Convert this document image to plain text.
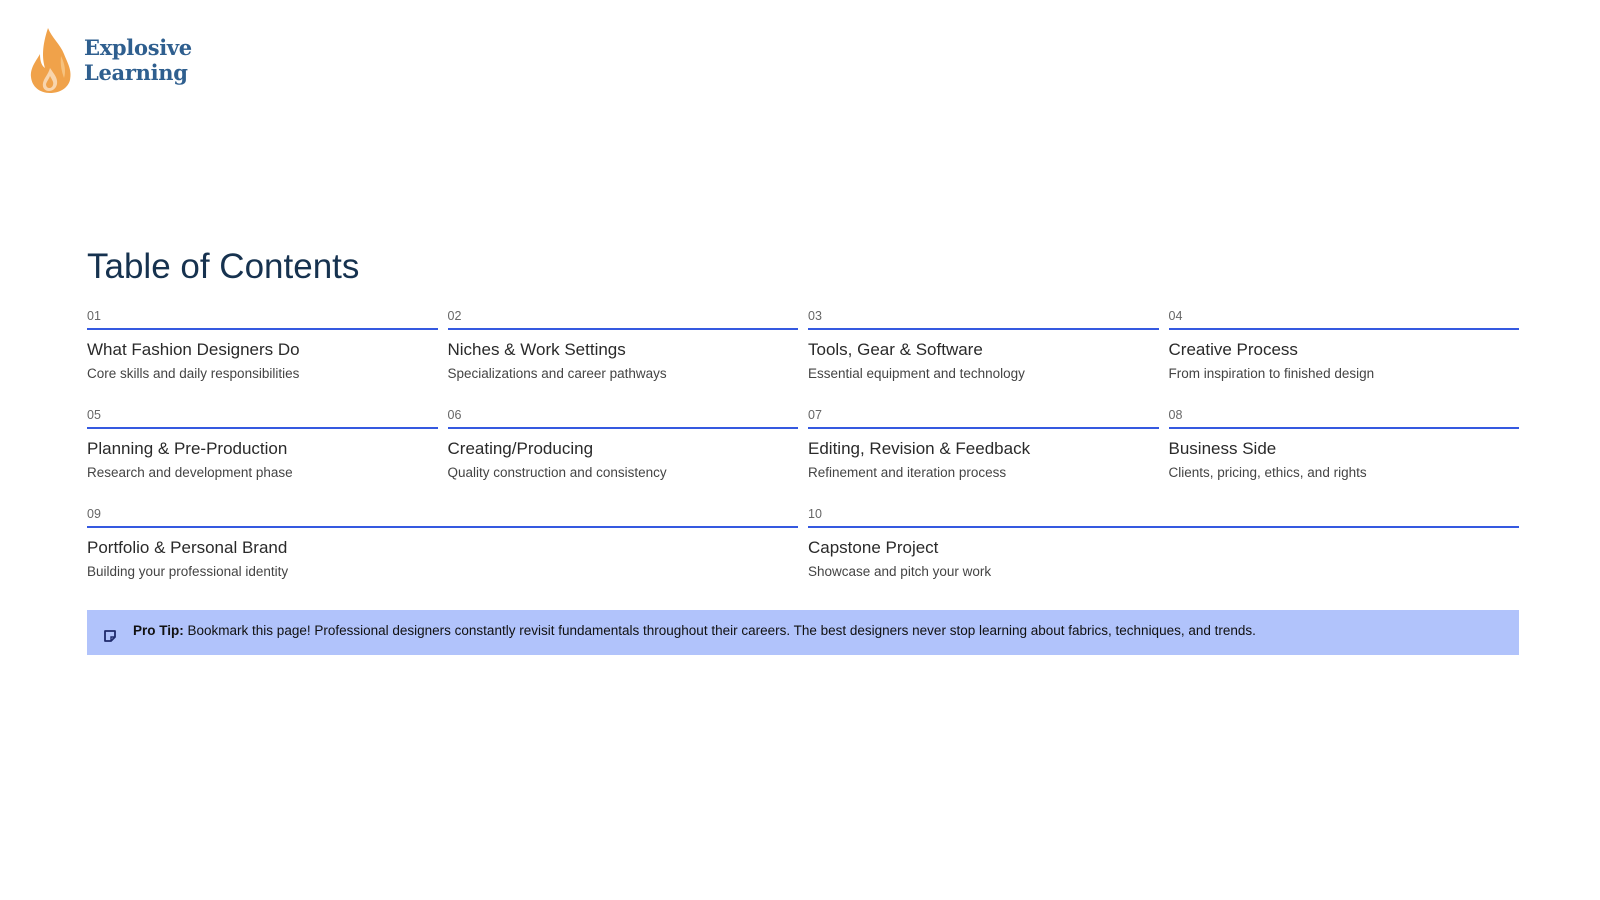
Explosive
Learning
Table of Contents
01
What Fashion Designers Do
Core skills and daily responsibilities
02
Niches & Work Settings
Specializations and career pathways
03
Tools, Gear & Software
Essential equipment and technology
04
Creative Process
From inspiration to finished design
05
Planning & Pre-Production
Research and development phase
06
Creating/Producing
Quality construction and consistency
07
Editing, Revision & Feedback
Refinement and iteration process
08
Business Side
Clients, pricing, ethics, and rights
09
Portfolio & Personal Brand
Building your professional identity
10
Capstone Project
Showcase and pitch your work
Pro Tip: Bookmark this page! Professional designers constantly revisit fundamentals throughout their careers. The best designers never stop learning about fabrics, techniques, and trends.
